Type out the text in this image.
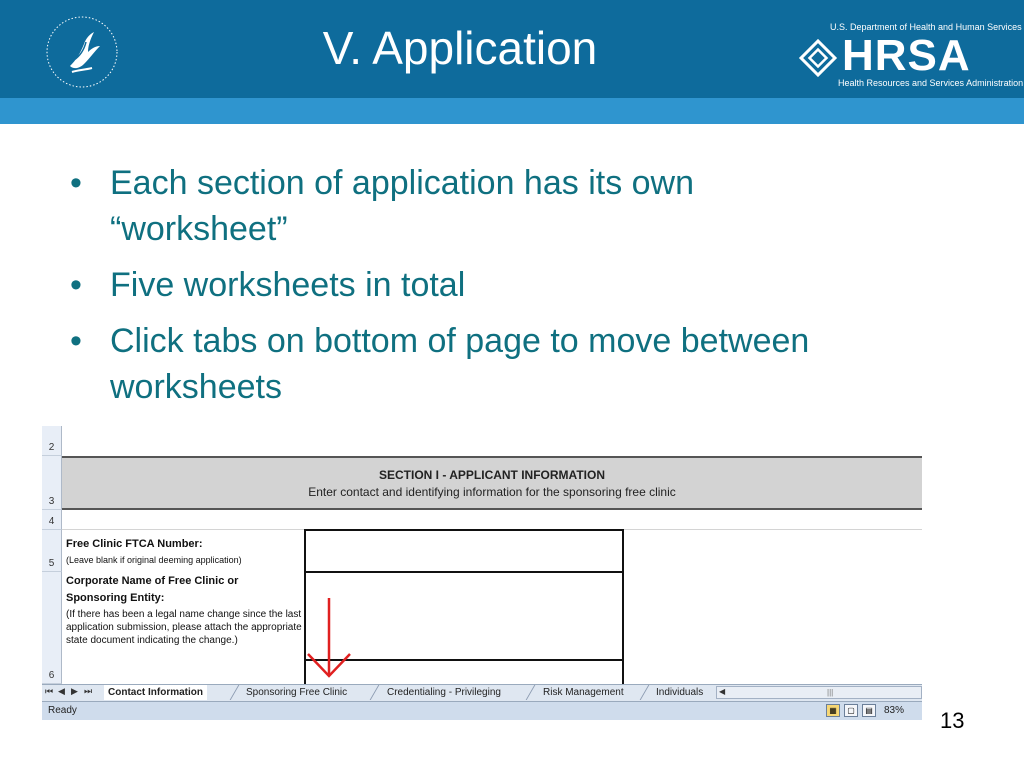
V. Application	U.S. Department of Health and Human Services
HRSA
Health Resources and Services Administration
• Each section of application has its own “worksheet”
• Five worksheets in total
• Click tabs on bottom of page to move between worksheets
2
3
4
5
6
SECTION I - APPLICANT INFORMATION
Enter contact and identifying information for the sponsoring free clinic
Free Clinic FTCA Number:
(Leave blank if original deeming application)
Corporate Name of Free Clinic or
Sponsoring Entity:
(If there has been a legal name change since the last application submission, please attach the appropriate state document indicating the change.)
⏮ ◀ ▶ ⏭	Contact Information	Sponsoring Free Clinic	Credentialing - Privileging	Risk Management	Individuals ◀	|||
Ready	▦	▢	▤	83% 13
